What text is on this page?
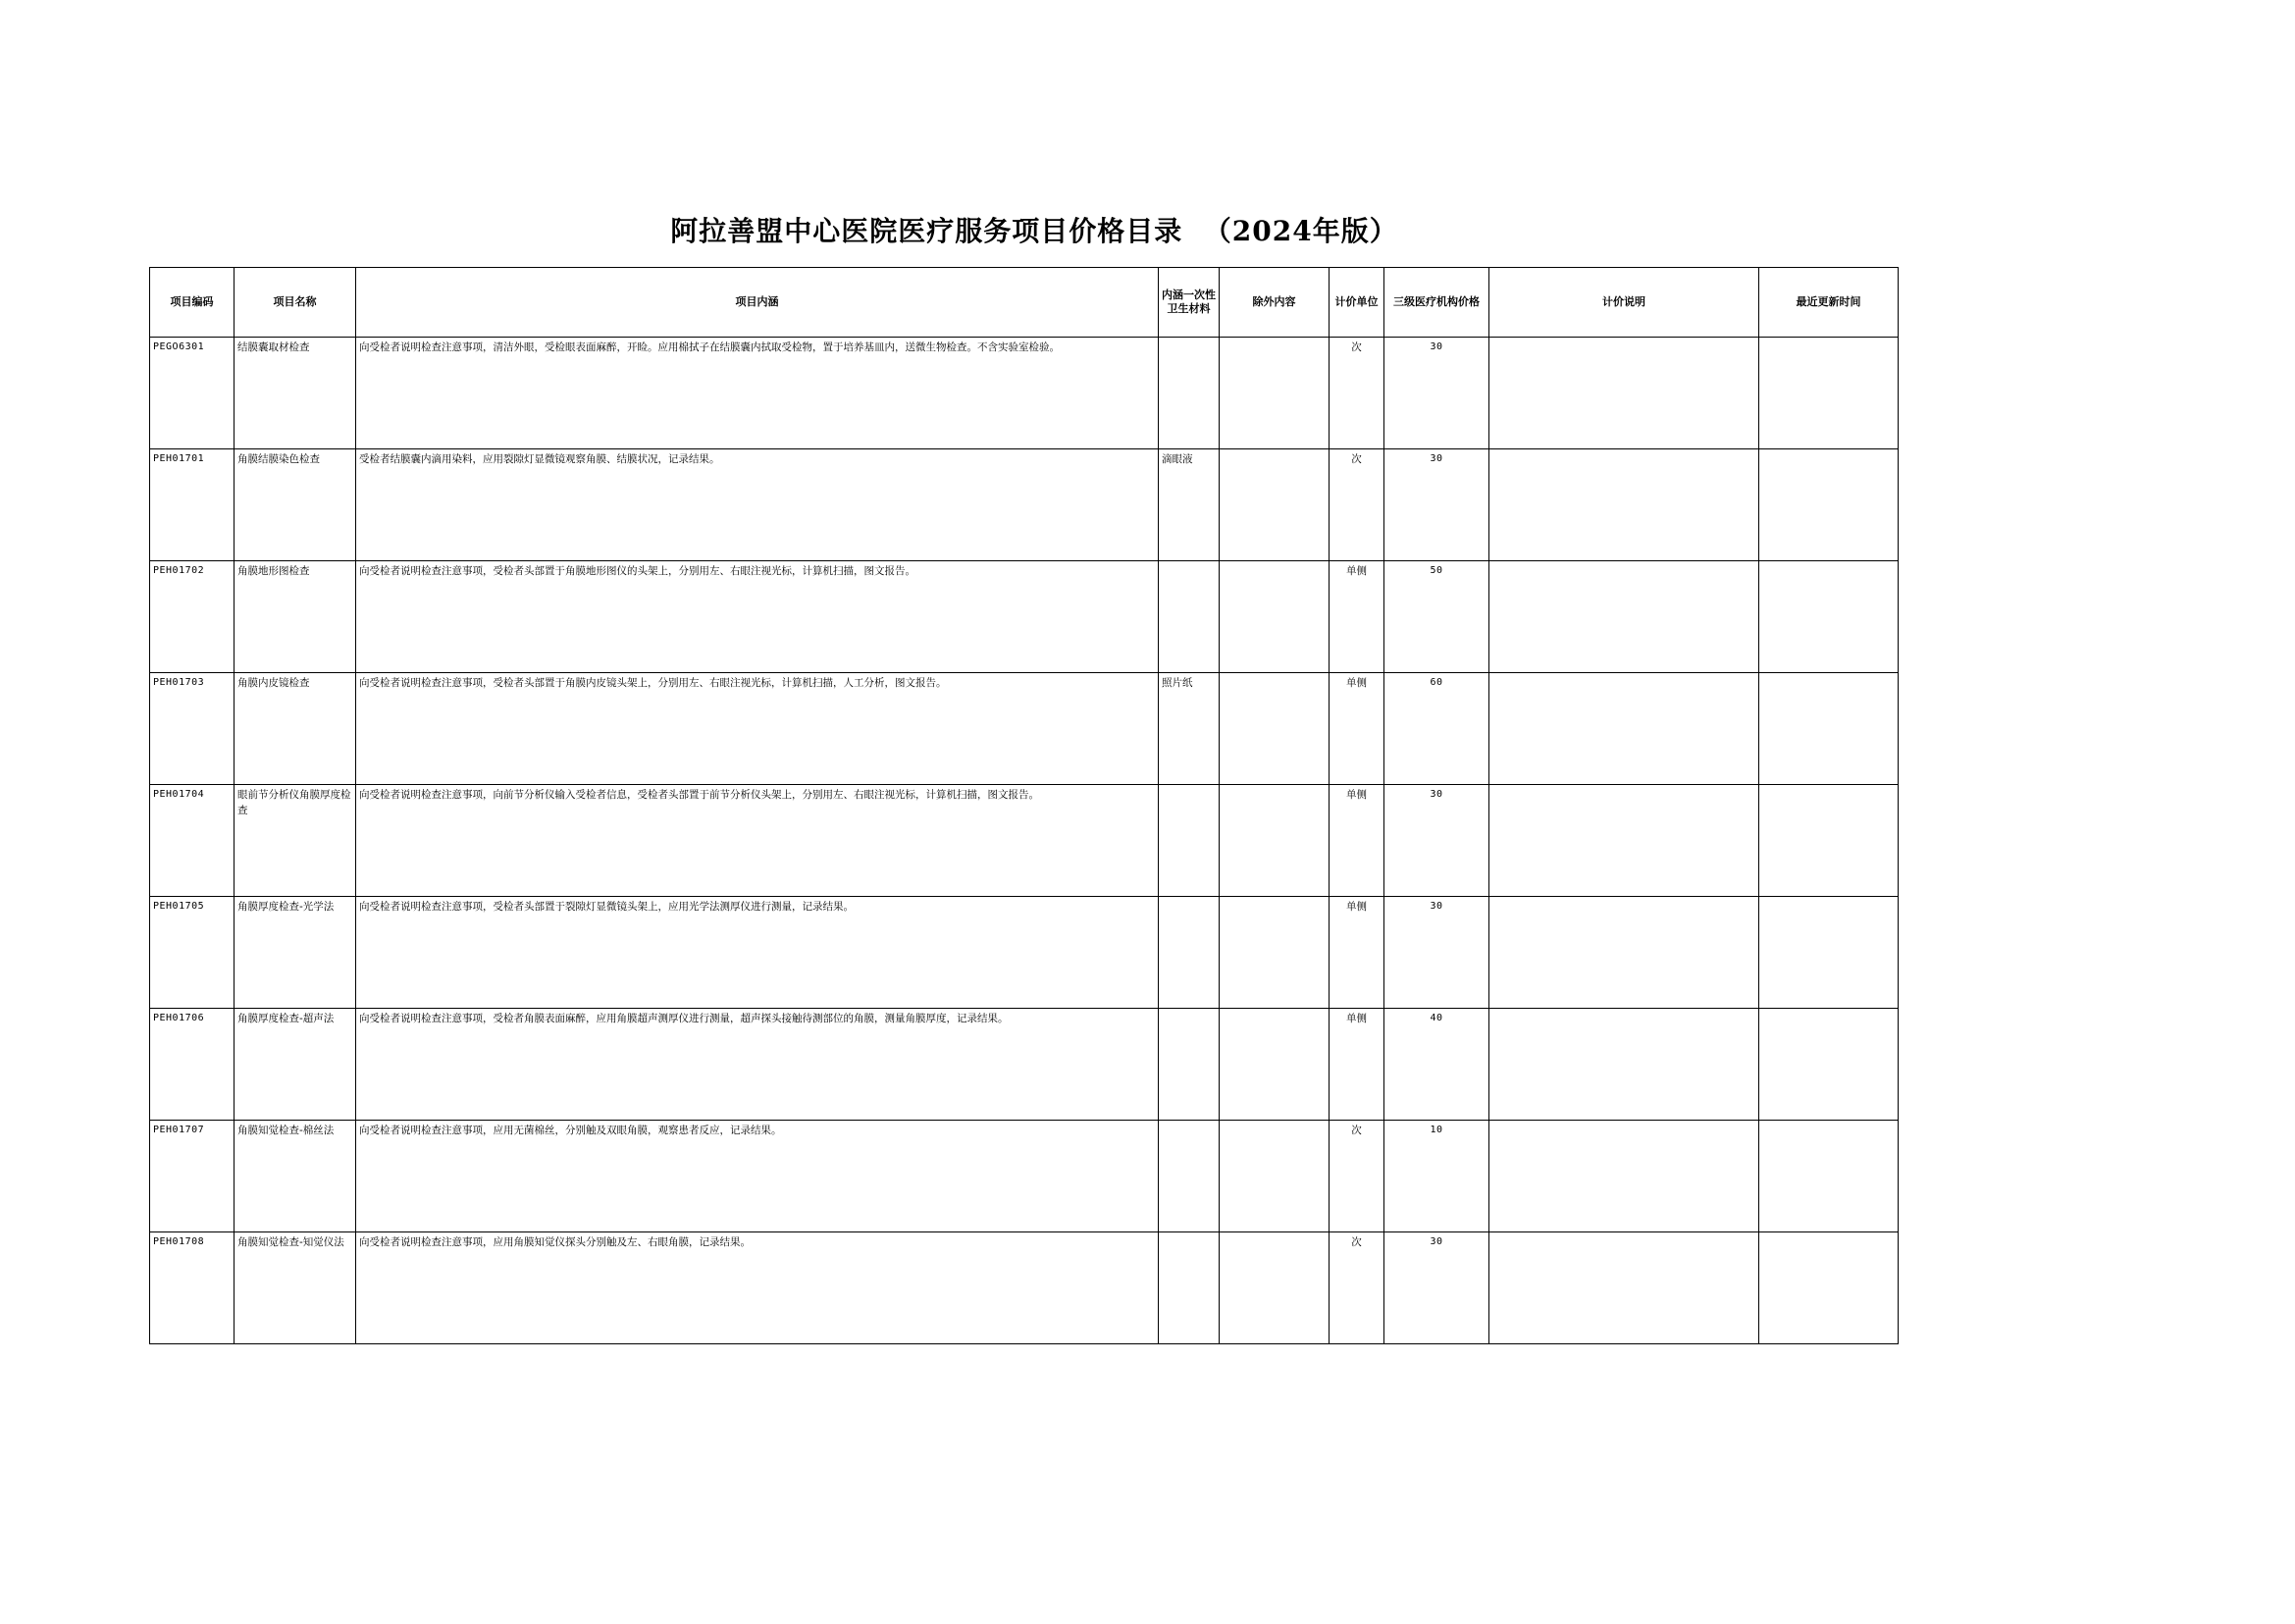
阿拉善盟中心医院医疗服务项目价格目录  （2024年版）
项目编码	项目名称	项目内涵	内涵一次性卫生材料	除外内容	计价单位	三级医疗机构价格	计价说明	最近更新时间

PEGO6301	结膜囊取材检查	向受检者说明检查注意事项，清洁外眼，受检眼表面麻醉，开睑。应用棉拭子在结膜囊内拭取受检物，置于培养基皿内，送微生物检查。不含实验室检验。			次	30		

PEH01701	角膜结膜染色检查	受检者结膜囊内滴用染料，应用裂隙灯显微镜观察角膜、结膜状况，记录结果。	滴眼液		次	30		

PEH01702	角膜地形图检查	向受检者说明检查注意事项，受检者头部置于角膜地形图仪的头架上，分别用左、右眼注视光标，计算机扫描，图文报告。			单侧	50		

PEH01703	角膜内皮镜检查	向受检者说明检查注意事项，受检者头部置于角膜内皮镜头架上，分别用左、右眼注视光标，计算机扫描，人工分析，图文报告。	照片纸		单侧	60		

PEH01704	眼前节分析仪角膜厚度检查	向受检者说明检查注意事项，向前节分析仪输入受检者信息，受检者头部置于前节分析仪头架上，分别用左、右眼注视光标，计算机扫描，图文报告。			单侧	30		

PEH01705	角膜厚度检查-光学法	向受检者说明检查注意事项，受检者头部置于裂隙灯显微镜头架上，应用光学法测厚仪进行测量，记录结果。			单侧	30		

PEH01706	角膜厚度检查-超声法	向受检者说明检查注意事项，受检者角膜表面麻醉，应用角膜超声测厚仪进行测量，超声探头接触待测部位的角膜，测量角膜厚度，记录结果。			单侧	40		

PEH01707	角膜知觉检查-棉丝法	向受检者说明检查注意事项，应用无菌棉丝，分别触及双眼角膜，观察患者反应，记录结果。			次	10		

PEH01708	角膜知觉检查-知觉仪法	向受检者说明检查注意事项，应用角膜知觉仪探头分别触及左、右眼角膜，记录结果。			次	30		
